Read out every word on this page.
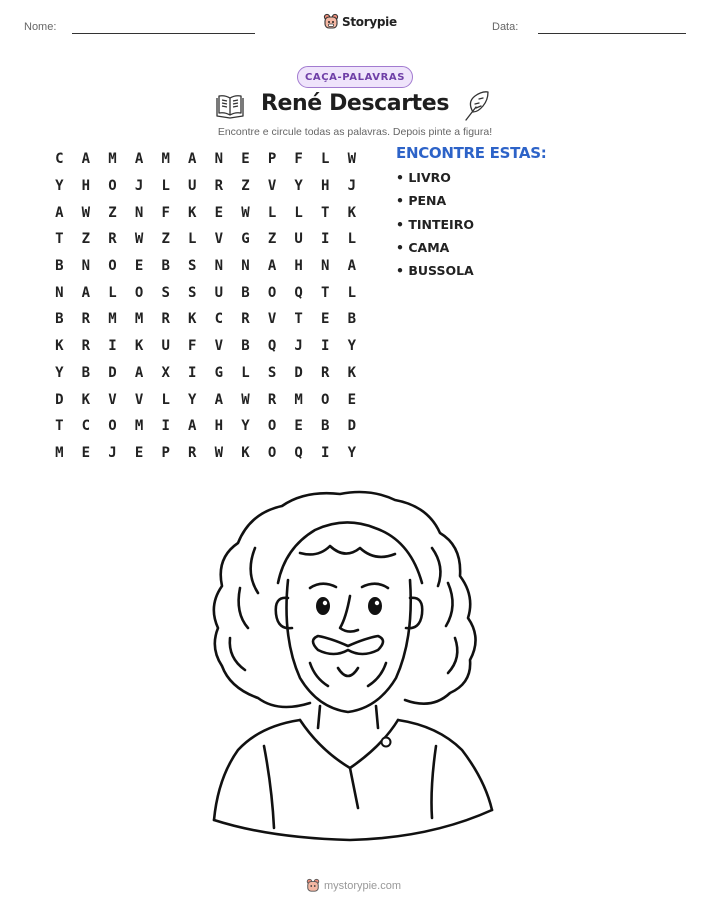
Nome:	Storypie	Data:
CAÇA-PALAVRAS
René Descartes
Encontre e circule todas as palavras. Depois pinte a figura!
C	A	M	A	M	A	N	E	P	F	L	W
Y	H	O	J	L	U	R	Z	V	Y	H	J
A	W	Z	N	F	K	E	W	L	L	T	K
T	Z	R	W	Z	L	V	G	Z	U	I	L
B	N	O	E	B	S	N	N	A	H	N	A
N	A	L	O	S	S	U	B	O	Q	T	L
B	R	M	M	R	K	C	R	V	T	E	B
K	R	I	K	U	F	V	B	Q	J	I	Y
Y	B	D	A	X	I	G	L	S	D	R	K
D	K	V	V	L	Y	A	W	R	M	O	E
T	C	O	M	I	A	H	Y	O	E	B	D
M	E	J	E	P	R	W	K	O	Q	I	Y
ENCONTRE ESTAS:
• LIVRO
• PENA
• TINTEIRO
• CAMA
• BUSSOLA
mystorypie.com
